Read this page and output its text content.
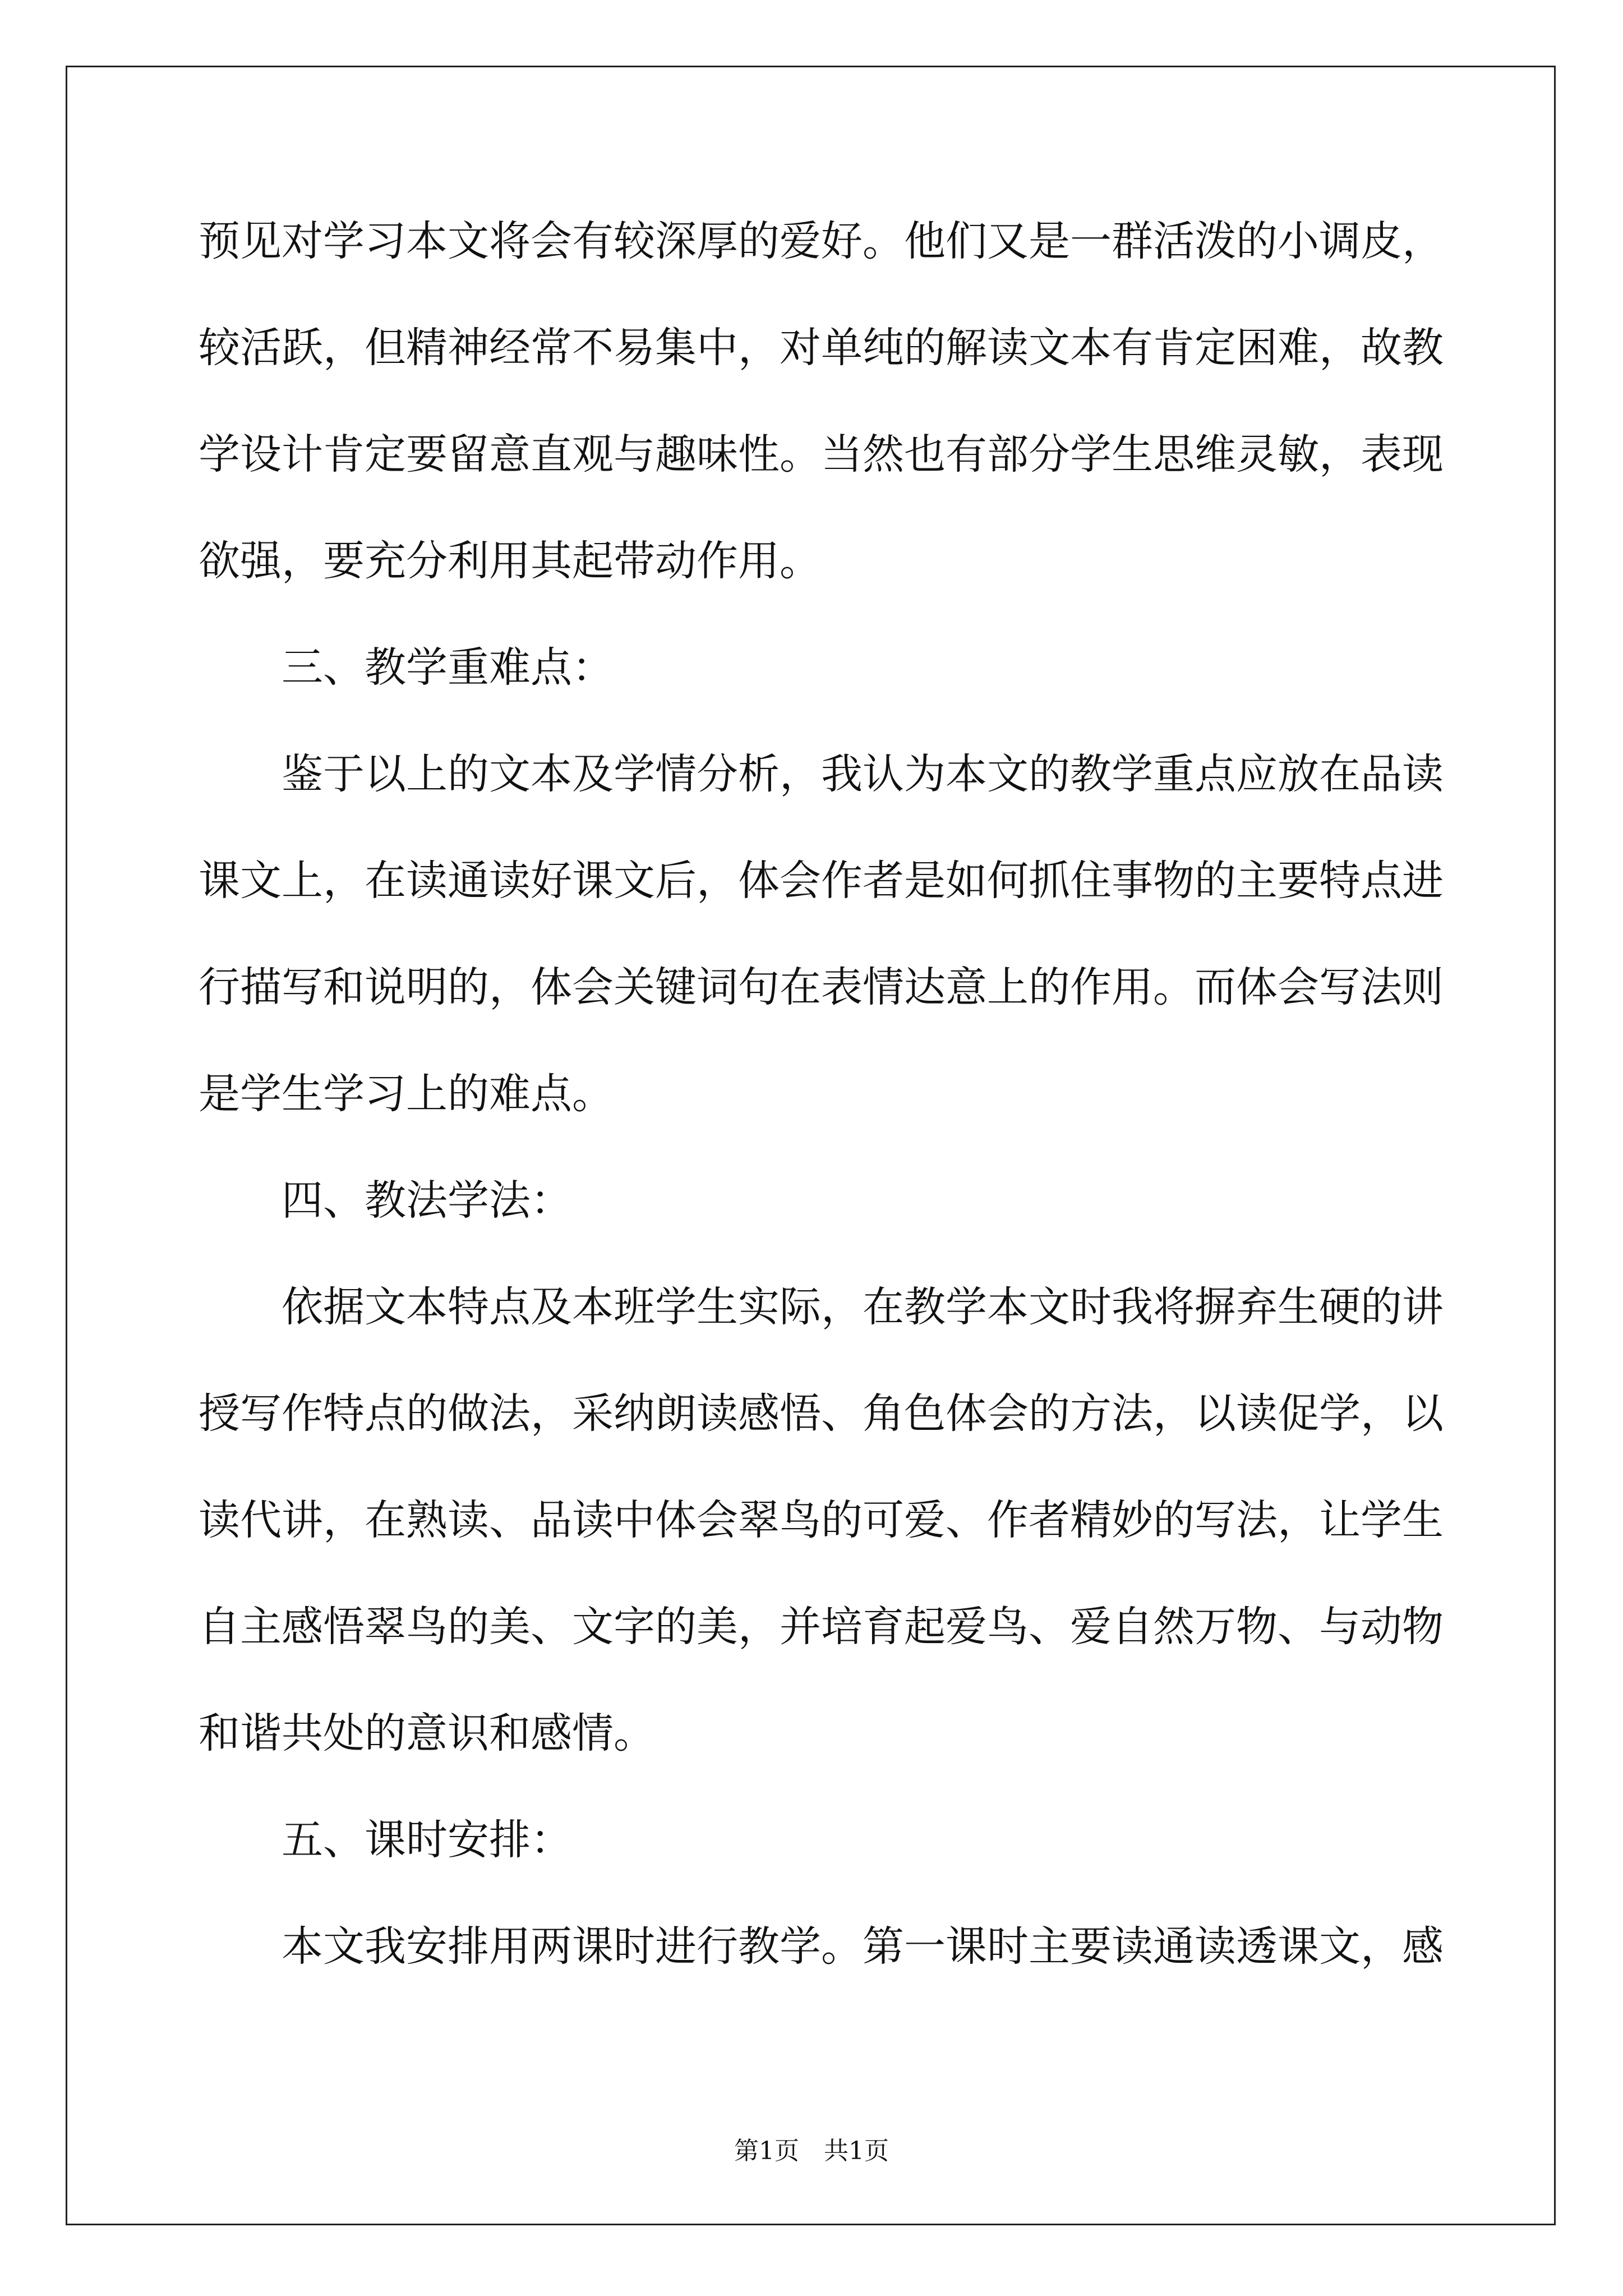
预见对学习本文将会有较深厚的爱好。他们又是一群活泼的小调皮，
较活跃，但精神经常不易集中，对单纯的解读文本有肯定困难，故教
学设计肯定要留意直观与趣味性。当然也有部分学生思维灵敏，表现
欲强，要充分利用其起带动作用。
三、教学重难点：
鉴于以上的文本及学情分析，我认为本文的教学重点应放在品读
课文上，在读通读好课文后，体会作者是如何抓住事物的主要特点进
行描写和说明的，体会关键词句在表情达意上的作用。而体会写法则
是学生学习上的难点。
四、教法学法：
依据文本特点及本班学生实际，在教学本文时我将摒弃生硬的讲
授写作特点的做法，采纳朗读感悟、角色体会的方法，以读促学，以
读代讲，在熟读、品读中体会翠鸟的可爱、作者精妙的写法，让学生
自主感悟翠鸟的美、文字的美，并培育起爱鸟、爱自然万物、与动物
和谐共处的意识和感情。
五、课时安排：
本文我安排用两课时进行教学。第一课时主要读通读透课文，感
第1页　共1页
